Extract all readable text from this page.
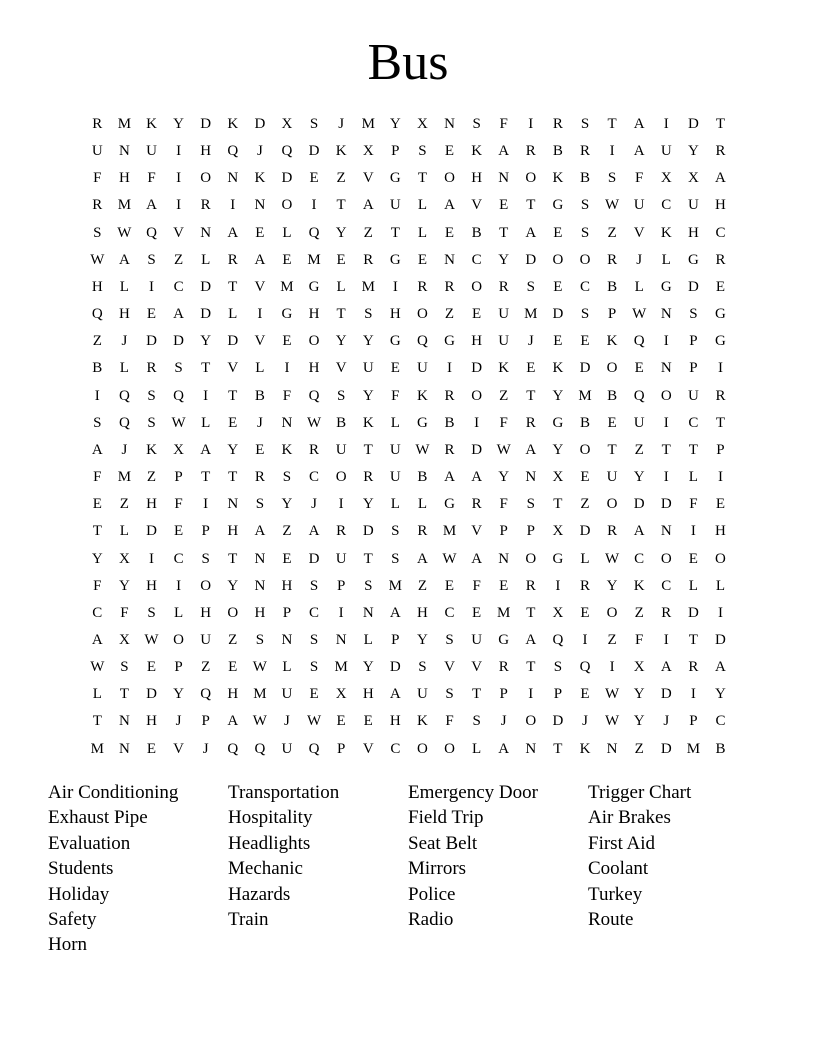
Bus
R M K	Y	D	K	D	X	S	J	M Y	X	N	S	F	I	R	S	T	A	I	D	T
U	N	U	I	H	Q	J	Q	D	K	X	P	S	E	K	A	R	B	R	I	A	U	Y	R
F	H	F	I	O	N	K	D	E	Z	V	G	T	O	H	N	O	K	B	S	F	X	X	A
R M A	I	R	I	N	O	I	T	A	U	L	A	V	E	T	G	S	W U	C	U	H
S	W Q	V	N	A	E	L	Q	Y	Z	T	L	E	B	T	A	E	S	Z	V	K	H	C
W A	S	Z	L	R	A	E	M	E	R	G	E	N	C	Y	D	O	O	R	J	L	G	R
H	L	I	C	D	T	V M G	L	M	I	R	R	O	R	S	E	C	B	L	G	D	E
Q	H	E	A	D	L	I	G	H	T	S	H	O	Z	E	U M D	S	P	W N	S	G
Z	J	D	D	Y	D	V	E	O	Y	Y	G	Q	G	H	U	J	E	E	K	Q	I	P	G
B	L	R	S	T	V	L	I	H	V	U	E	U	I	D	K	E	K	D	O	E	N	P	I
I	Q	S	Q	I	T	B	F	Q	S	Y	F	K	R	O	Z	T	Y M B	Q	O	U	R
S	Q	S	W L	E	J	N W B	K	L	G	B	I	F	R	G	B	E	U	I	C	T
A	J	K	X	A	Y	E	K	R	U	T	U W R	D W A	Y	O	T	Z	T	T	P
F	M	Z	P	T	T	R	S	C	O	R	U	B	A	A	Y	N	X	E	U	Y	I	L	I
E	Z	H	F	I	N	S	Y	J	I	Y	L	L	G	R	F	S	T	Z	O	D	D	F	E
T	L	D	E	P	H	A	Z	A	R	D	S	R M V	P	P	X	D	R	A	N	I	H
Y	X	I	C	S	T	N	E	D	U	T	S	A W A	N	O	G	L W C	O	E	O
F	Y	H	I	O	Y	N	H	S	P	S	M	Z	E	F	E	R	I	R	Y	K	C	L	L
C	F	S	L	H	O	H	P	C	I	N	A	H	C	E	M	T	X	E	O	Z	R	D	I
A	X W O	U	Z	S	N	S	N	L	P	Y	S	U	G	A	Q	I	Z	F	I	T	D
W	S	E	P	Z	E W L	S	M Y	D	S	V	V	R	T	S	Q	I	X	A	R	A
L	T	D	Y	Q	H M U	E	X	H	A	U	S	T	P	I	P	E W Y	D	I	Y
T	N	H	J	P	A W	J	W E	E	H	K	F	S	J	O	D	J	W Y	J	P	C
M N	E	V	J	Q	Q	U	Q	P	V	C	O	O	L	A	N	T	K	N	Z	D M B
Air Conditioning	Transportation	Emergency Door	Trigger Chart
Exhaust Pipe	Hospitality	Field Trip	Air Brakes
Evaluation	Headlights	Seat Belt	First Aid
Students	Mechanic	Mirrors	Coolant
Holiday	Hazards	Police	Turkey
Safety	Train	Radio	Route
Horn
